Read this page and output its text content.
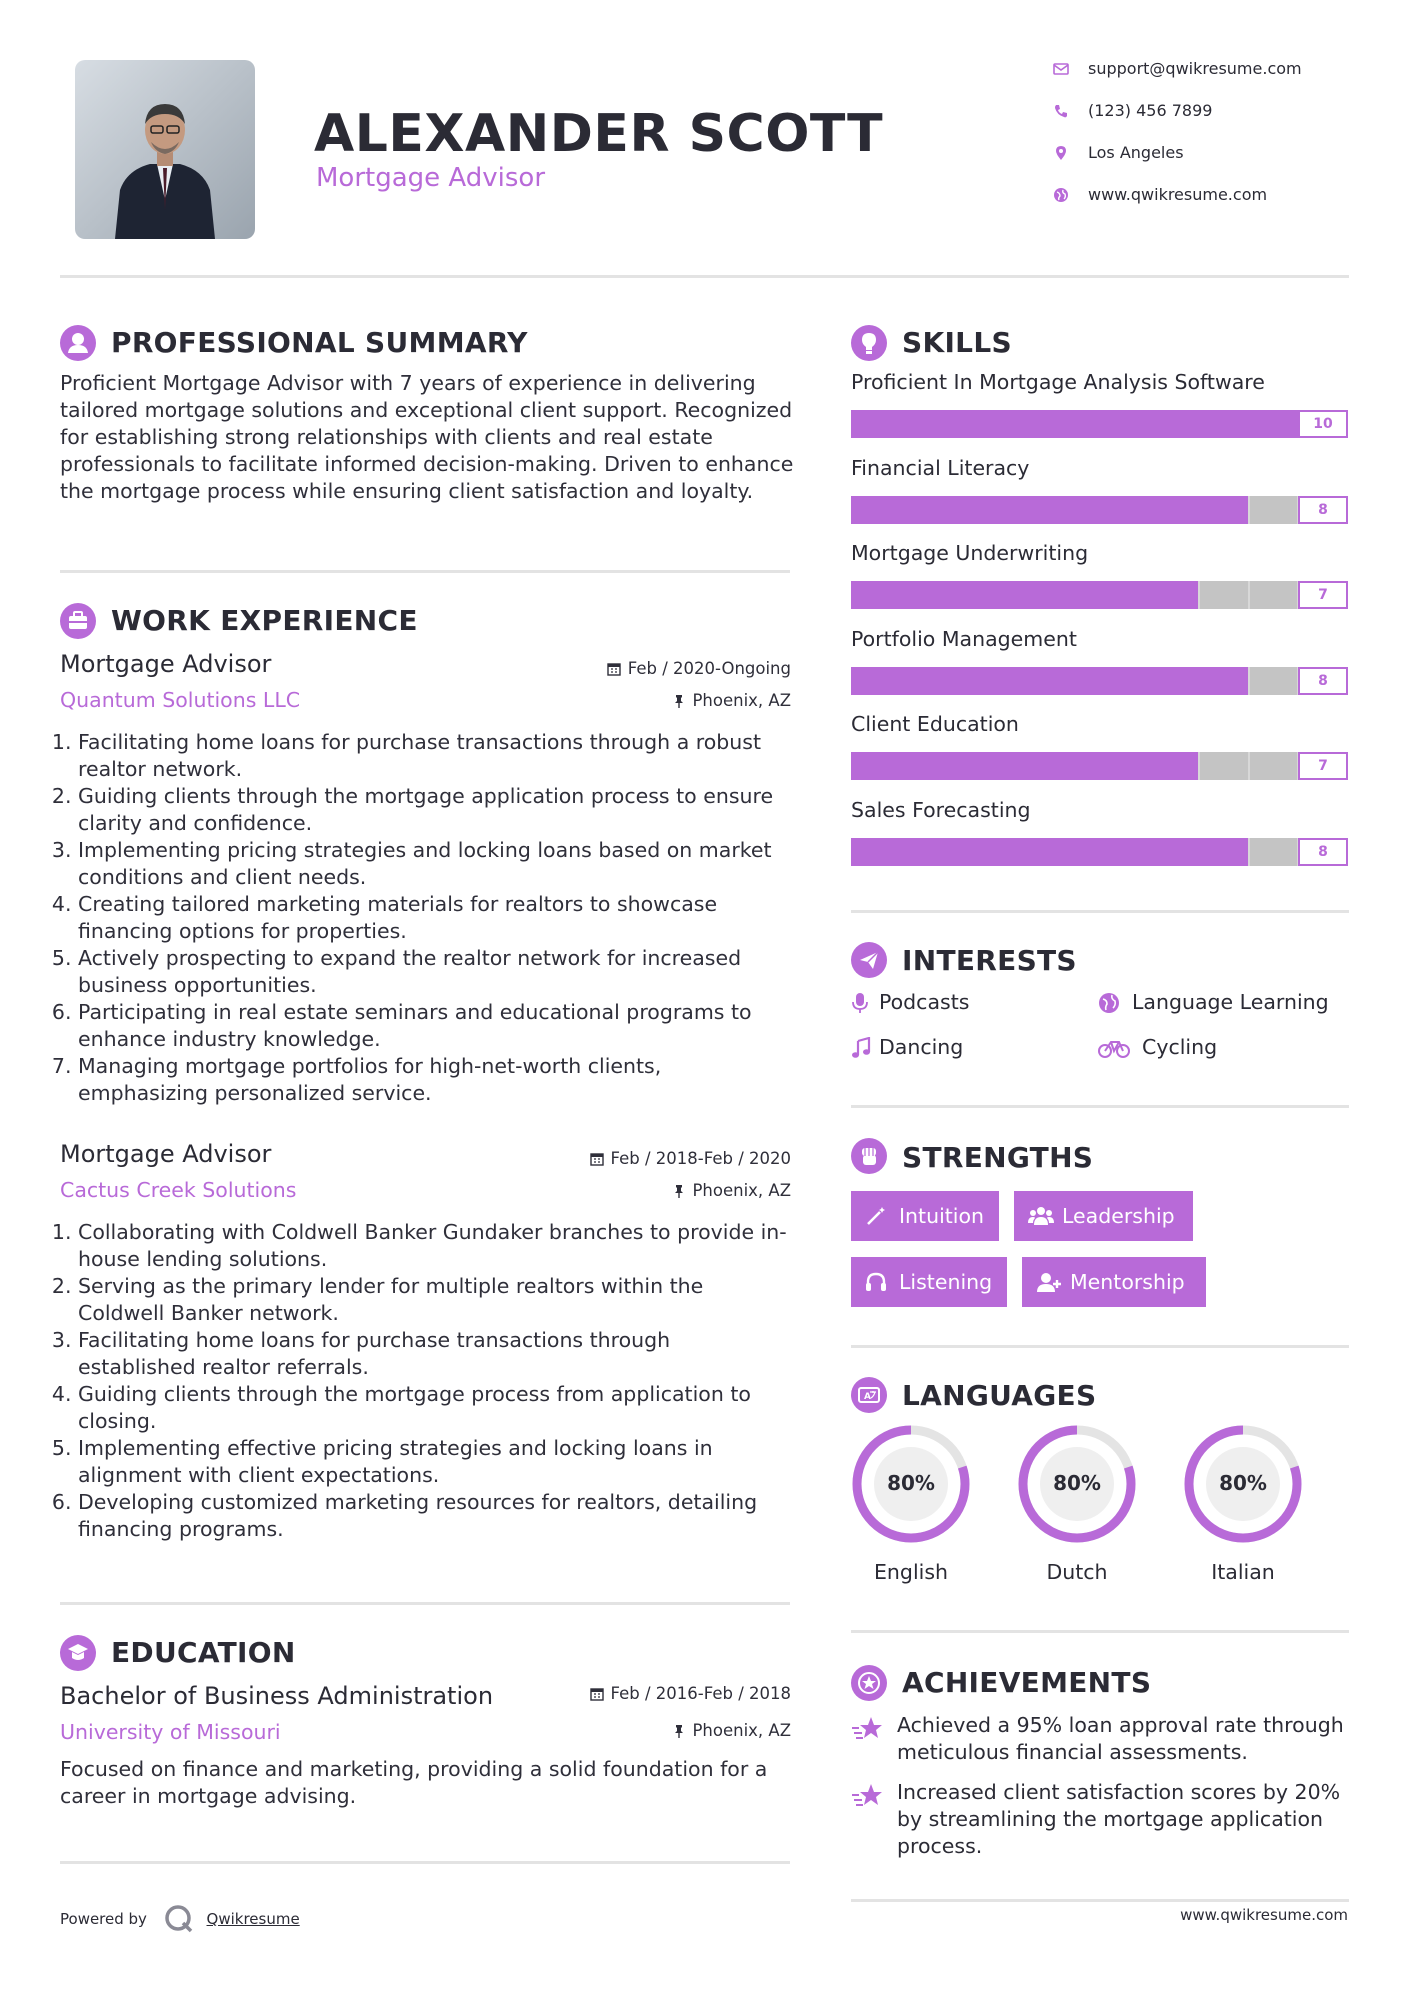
ALEXANDER SCOTT
Mortgage Advisor
support@qwikresume.com
(123) 456 7899
Los Angeles
www.qwikresume.com
PROFESSIONAL SUMMARY
Proficient Mortgage Advisor with 7 years of experience in delivering tailored mortgage solutions and exceptional client support. Recognized for establishing strong relationships with clients and real estate professionals to facilitate informed decision-making. Driven to enhance the mortgage process while ensuring client satisfaction and loyalty.
WORK EXPERIENCE
Mortgage Advisor
Quantum Solutions LLC
Feb / 2020-Ongoing
Phoenix, AZ
1. Facilitating home loans for purchase transactions through a robust realtor network.
2. Guiding clients through the mortgage application process to ensure clarity and confidence.
3. Implementing pricing strategies and locking loans based on market conditions and client needs.
4. Creating tailored marketing materials for realtors to showcase financing options for properties.
5. Actively prospecting to expand the realtor network for increased business opportunities.
6. Participating in real estate seminars and educational programs to enhance industry knowledge.
7. Managing mortgage portfolios for high-net-worth clients, emphasizing personalized service.
Mortgage Advisor
Cactus Creek Solutions
Feb / 2018-Feb / 2020
Phoenix, AZ
1. Collaborating with Coldwell Banker Gundaker branches to provide in-house lending solutions.
2. Serving as the primary lender for multiple realtors within the Coldwell Banker network.
3. Facilitating home loans for purchase transactions through established realtor referrals.
4. Guiding clients through the mortgage process from application to closing.
5. Implementing effective pricing strategies and locking loans in alignment with client expectations.
6. Developing customized marketing resources for realtors, detailing financing programs.
EDUCATION
Bachelor of Business Administration
University of Missouri
Feb / 2016-Feb / 2018
Phoenix, AZ
Focused on finance and marketing, providing a solid foundation for a career in mortgage advising.
SKILLS
Proficient In Mortgage Analysis Software
10
Financial Literacy
8
Mortgage Underwriting
7
Portfolio Management
8
Client Education
7
Sales Forecasting
8
INTERESTS
Podcasts	Language Learning
Dancing	Cycling
STRENGTHS
Intuition	Leadership
Listening	Mentorship
A LANGUAGES
80%
English
80%
Dutch
80%
Italian
ACHIEVEMENTS
Achieved a 95% loan approval rate through meticulous financial assessments.
Increased client satisfaction scores by 20% by streamlining the mortgage application process.
Powered by	Qwikresume	www.qwikresume.com
